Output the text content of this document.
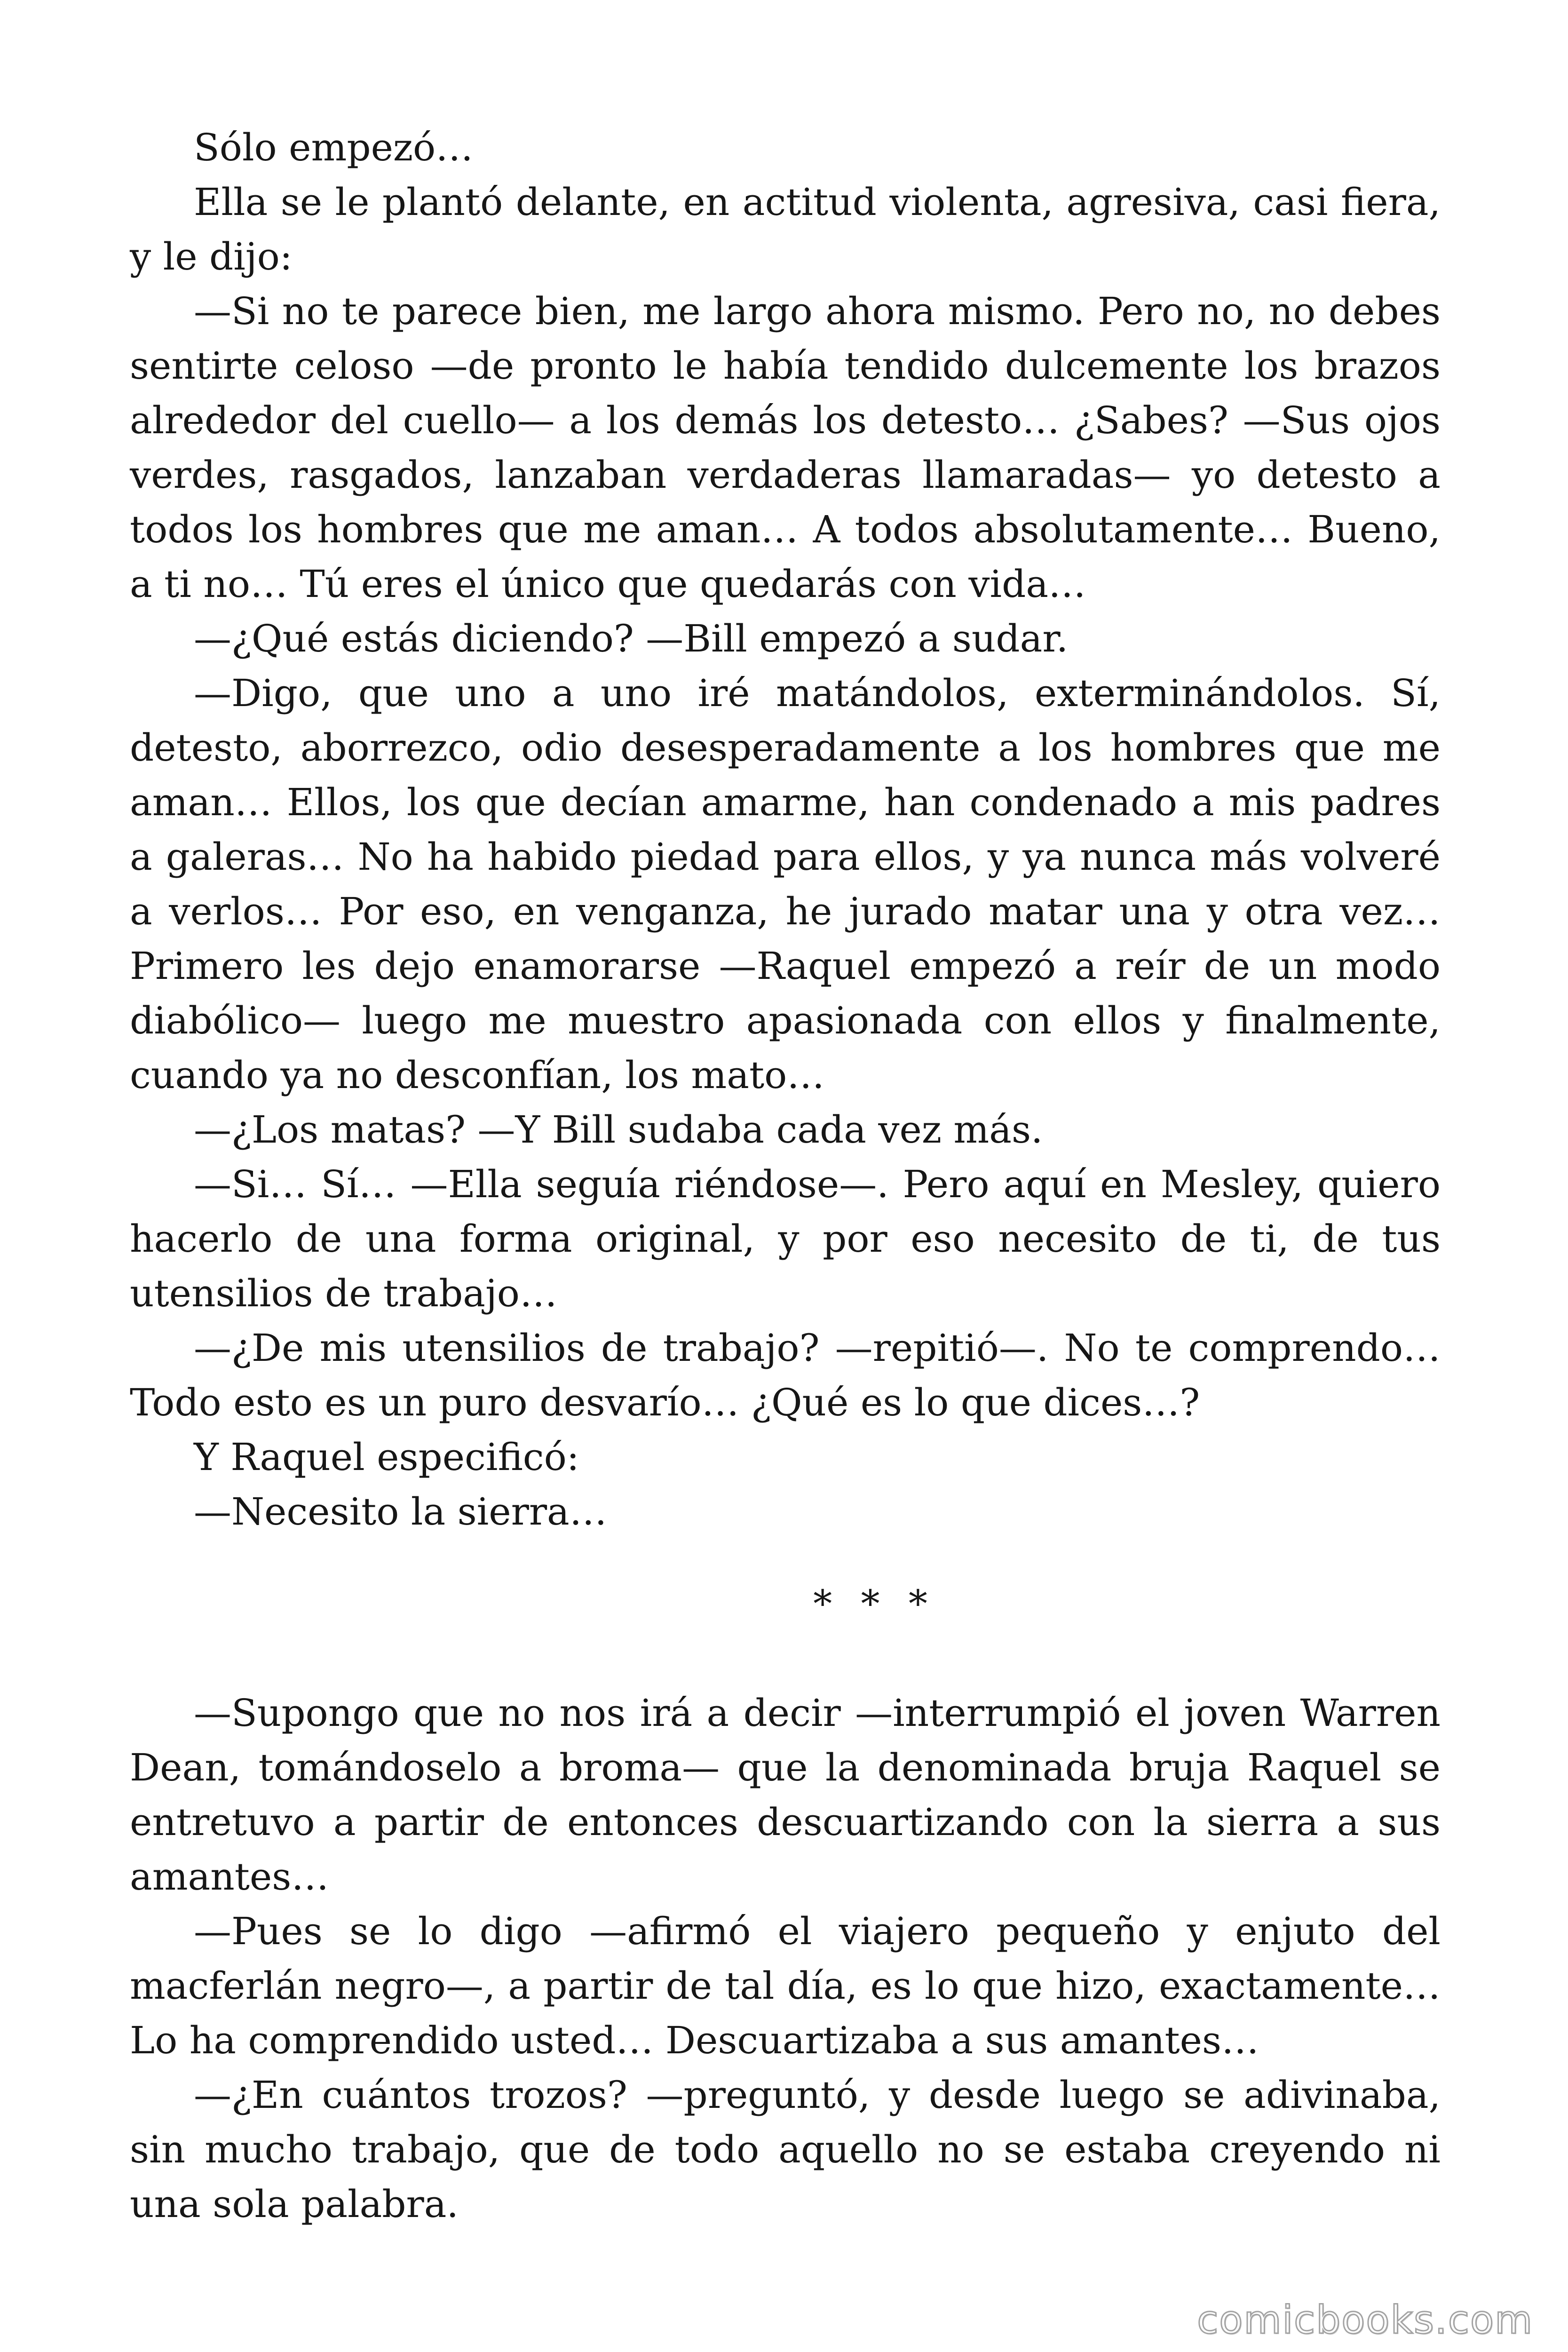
Sólo empezó…

Ella se le plantó delante, en actitud violenta, agresiva, casi fiera, y le dijo:

—Si no te parece bien, me largo ahora mismo. Pero no, no debes sentirte celoso —de pronto le había tendido dulcemente los brazos alrededor del cuello— a los demás los detesto… ¿Sabes? —Sus ojos verdes, rasgados, lanzaban verdaderas llamaradas— yo detesto a todos los hombres que me aman… A todos absolutamente… Bueno, a ti no… Tú eres el único que quedarás con vida…

—¿Qué estás diciendo? —Bill empezó a sudar.

—Digo, que uno a uno iré matándolos, exterminándolos. Sí, detesto, aborrezco, odio desesperadamente a los hombres que me aman… Ellos, los que decían amarme, han condenado a mis padres a galeras… No ha habido piedad para ellos, y ya nunca más volveré a verlos… Por eso, en venganza, he jurado matar una y otra vez… Primero les dejo enamorarse —Raquel empezó a reír de un modo diabólico— luego me muestro apasionada con ellos y finalmente, cuando ya no desconfían, los mato…

—¿Los matas? —Y Bill sudaba cada vez más.

—Si… Sí… —Ella seguía riéndose—. Pero aquí en Mesley, quiero hacerlo de una forma original, y por eso necesito de ti, de tus utensilios de trabajo…

—¿De mis utensilios de trabajo? —repitió—. No te comprendo… Todo esto es un puro desvarío… ¿Qué es lo que dices…?

Y Raquel especificó:

—Necesito la sierra…

* * *

—Supongo que no nos irá a decir —interrumpió el joven Warren Dean, tomándoselo a broma— que la denominada bruja Raquel se entretuvo a partir de entonces descuartizando con la sierra a sus amantes…

—Pues se lo digo —afirmó el viajero pequeño y enjuto del macferlán negro—, a partir de tal día, es lo que hizo, exactamente… Lo ha comprendido usted… Descuartizaba a sus amantes…

—¿En cuántos trozos? —preguntó, y desde luego se adivinaba, sin mucho trabajo, que de todo aquello no se estaba creyendo ni una sola palabra.

comicbooks.com
